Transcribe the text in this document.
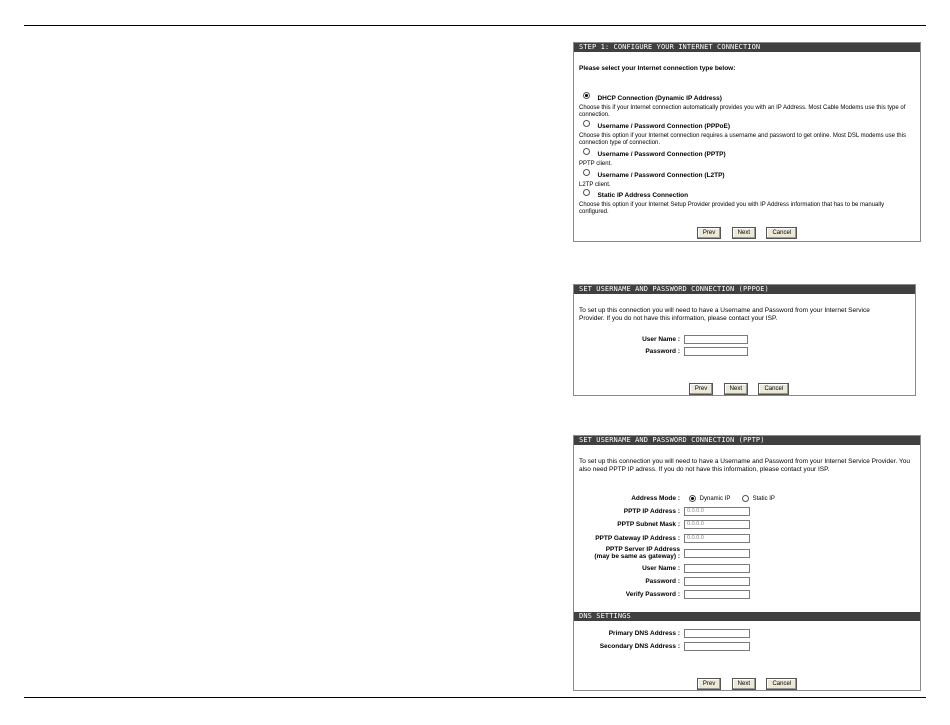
STEP 1: CONFIGURE YOUR INTERNET CONNECTION
Please select your Internet connection type below:
DHCP Connection (Dynamic IP Address)
Choose this if your Internet connection automatically provides you with an IP Address. Most Cable Modems use this type of connection.
Username / Password Connection (PPPoE)
Choose this option if your Internet connection requires a username and password to get online. Most DSL modems use this connection type of connection.
Username / Password Connection (PPTP)
PPTP client.
Username / Password Connection (L2TP)
L2TP client.
Static IP Address Connection
Choose this option if your Internet Setup Provider provided you with IP Address information that has to be manually configured.
Prev	Next	Cancel
SET USERNAME AND PASSWORD CONNECTION (PPPOE)
To set up this connection you will need to have a Username and Password from your Internet Service Provider. If you do not have this information, please contact your ISP.
User Name :
Password :
Prev	Next	Cancel
SET USERNAME AND PASSWORD CONNECTION (PPTP)
To set up this connection you will need to have a Username and Password from your Internet Service Provider. You also need PPTP IP adress. If you do not have this information, please contact your ISP.
Address Mode :	Dynamic IP	Static IP
PPTP IP Address :	0.0.0.0
PPTP Subnet Mask :	0.0.0.0
PPTP Gateway IP Address :	0.0.0.0
PPTP Server IP Address
(may be same as gateway) :
User Name :
Password :
Verify Password :
DNS SETTINGS
Primary DNS Address :
Secondary DNS Address :
Prev	Next	Cancel
